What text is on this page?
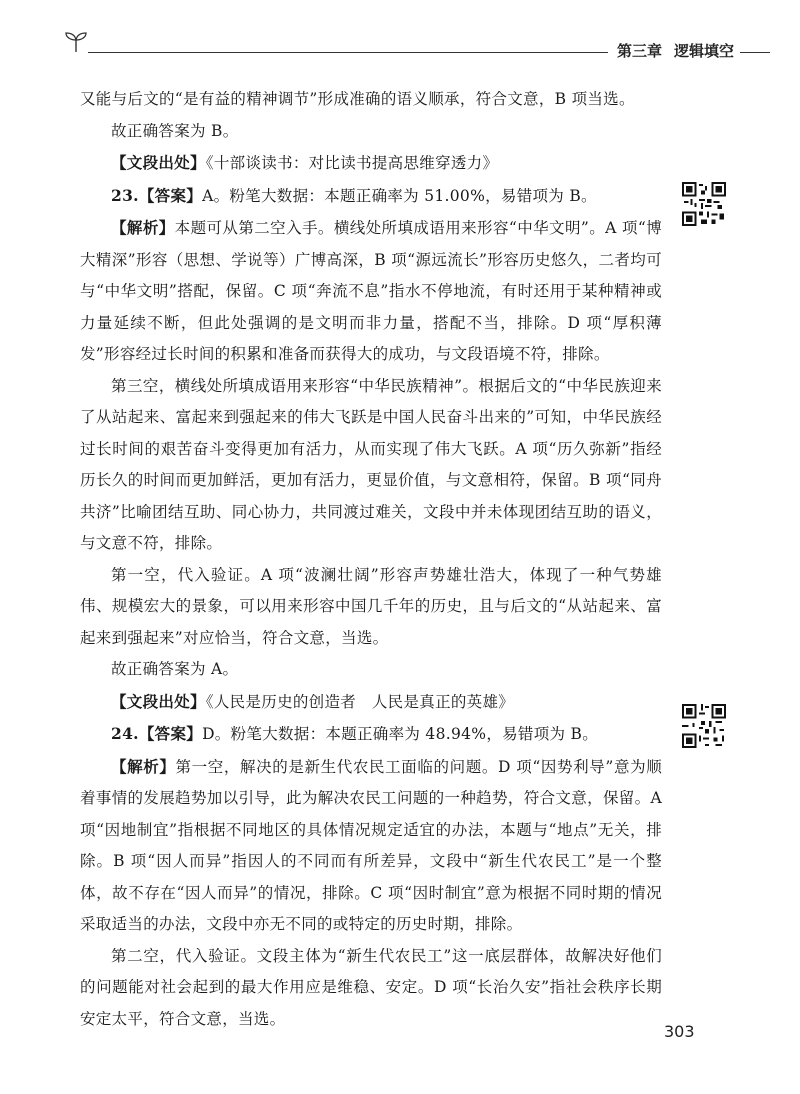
第三章 逻辑填空

又能与后文的“是有益的精神调节”形成准确的语义顺承，符合文意，B 项当选。

故正确答案为 B。

【文段出处】《十部谈读书：对比读书提高思维穿透力》

23.【答案】A。粉笔大数据：本题正确率为 51.00%，易错项为 B。

【解析】本题可从第二空入手。横线处所填成语用来形容“中华文明”。A 项“博大精深”形容（思想、学说等）广博高深，B 项“源远流长”形容历史悠久，二者均可与“中华文明”搭配，保留。C 项“奔流不息”指水不停地流，有时还用于某种精神或力量延续不断，但此处强调的是文明而非力量，搭配不当，排除。D 项“厚积薄发”形容经过长时间的积累和准备而获得大的成功，与文段语境不符，排除。

第三空，横线处所填成语用来形容“中华民族精神”。根据后文的“中华民族迎来了从站起来、富起来到强起来的伟大飞跃是中国人民奋斗出来的”可知，中华民族经过长时间的艰苦奋斗变得更加有活力，从而实现了伟大飞跃。A 项“历久弥新”指经历长久的时间而更加鲜活，更加有活力，更显价值，与文意相符，保留。B 项“同舟共济”比喻团结互助、同心协力，共同渡过难关，文段中并未体现团结互助的语义，与文意不符，排除。

第一空，代入验证。A 项“波澜壮阔”形容声势雄壮浩大，体现了一种气势雄伟、规模宏大的景象，可以用来形容中国几千年的历史，且与后文的“从站起来、富起来到强起来”对应恰当，符合文意，当选。

故正确答案为 A。

【文段出处】《人民是历史的创造者　人民是真正的英雄》

24.【答案】D。粉笔大数据：本题正确率为 48.94%，易错项为 B。

【解析】第一空，解决的是新生代农民工面临的问题。D 项“因势利导”意为顺着事情的发展趋势加以引导，此为解决农民工问题的一种趋势，符合文意，保留。A 项“因地制宜”指根据不同地区的具体情况规定适宜的办法，本题与“地点”无关，排除。B 项“因人而异”指因人的不同而有所差异，文段中“新生代农民工”是一个整体，故不存在“因人而异”的情况，排除。C 项“因时制宜”意为根据不同时期的情况采取适当的办法，文段中亦无不同的或特定的历史时期，排除。

第二空，代入验证。文段主体为“新生代农民工”这一底层群体，故解决好他们的问题能对社会起到的最大作用应是维稳、安定。D 项“长治久安”指社会秩序长期安定太平，符合文意，当选。

303
